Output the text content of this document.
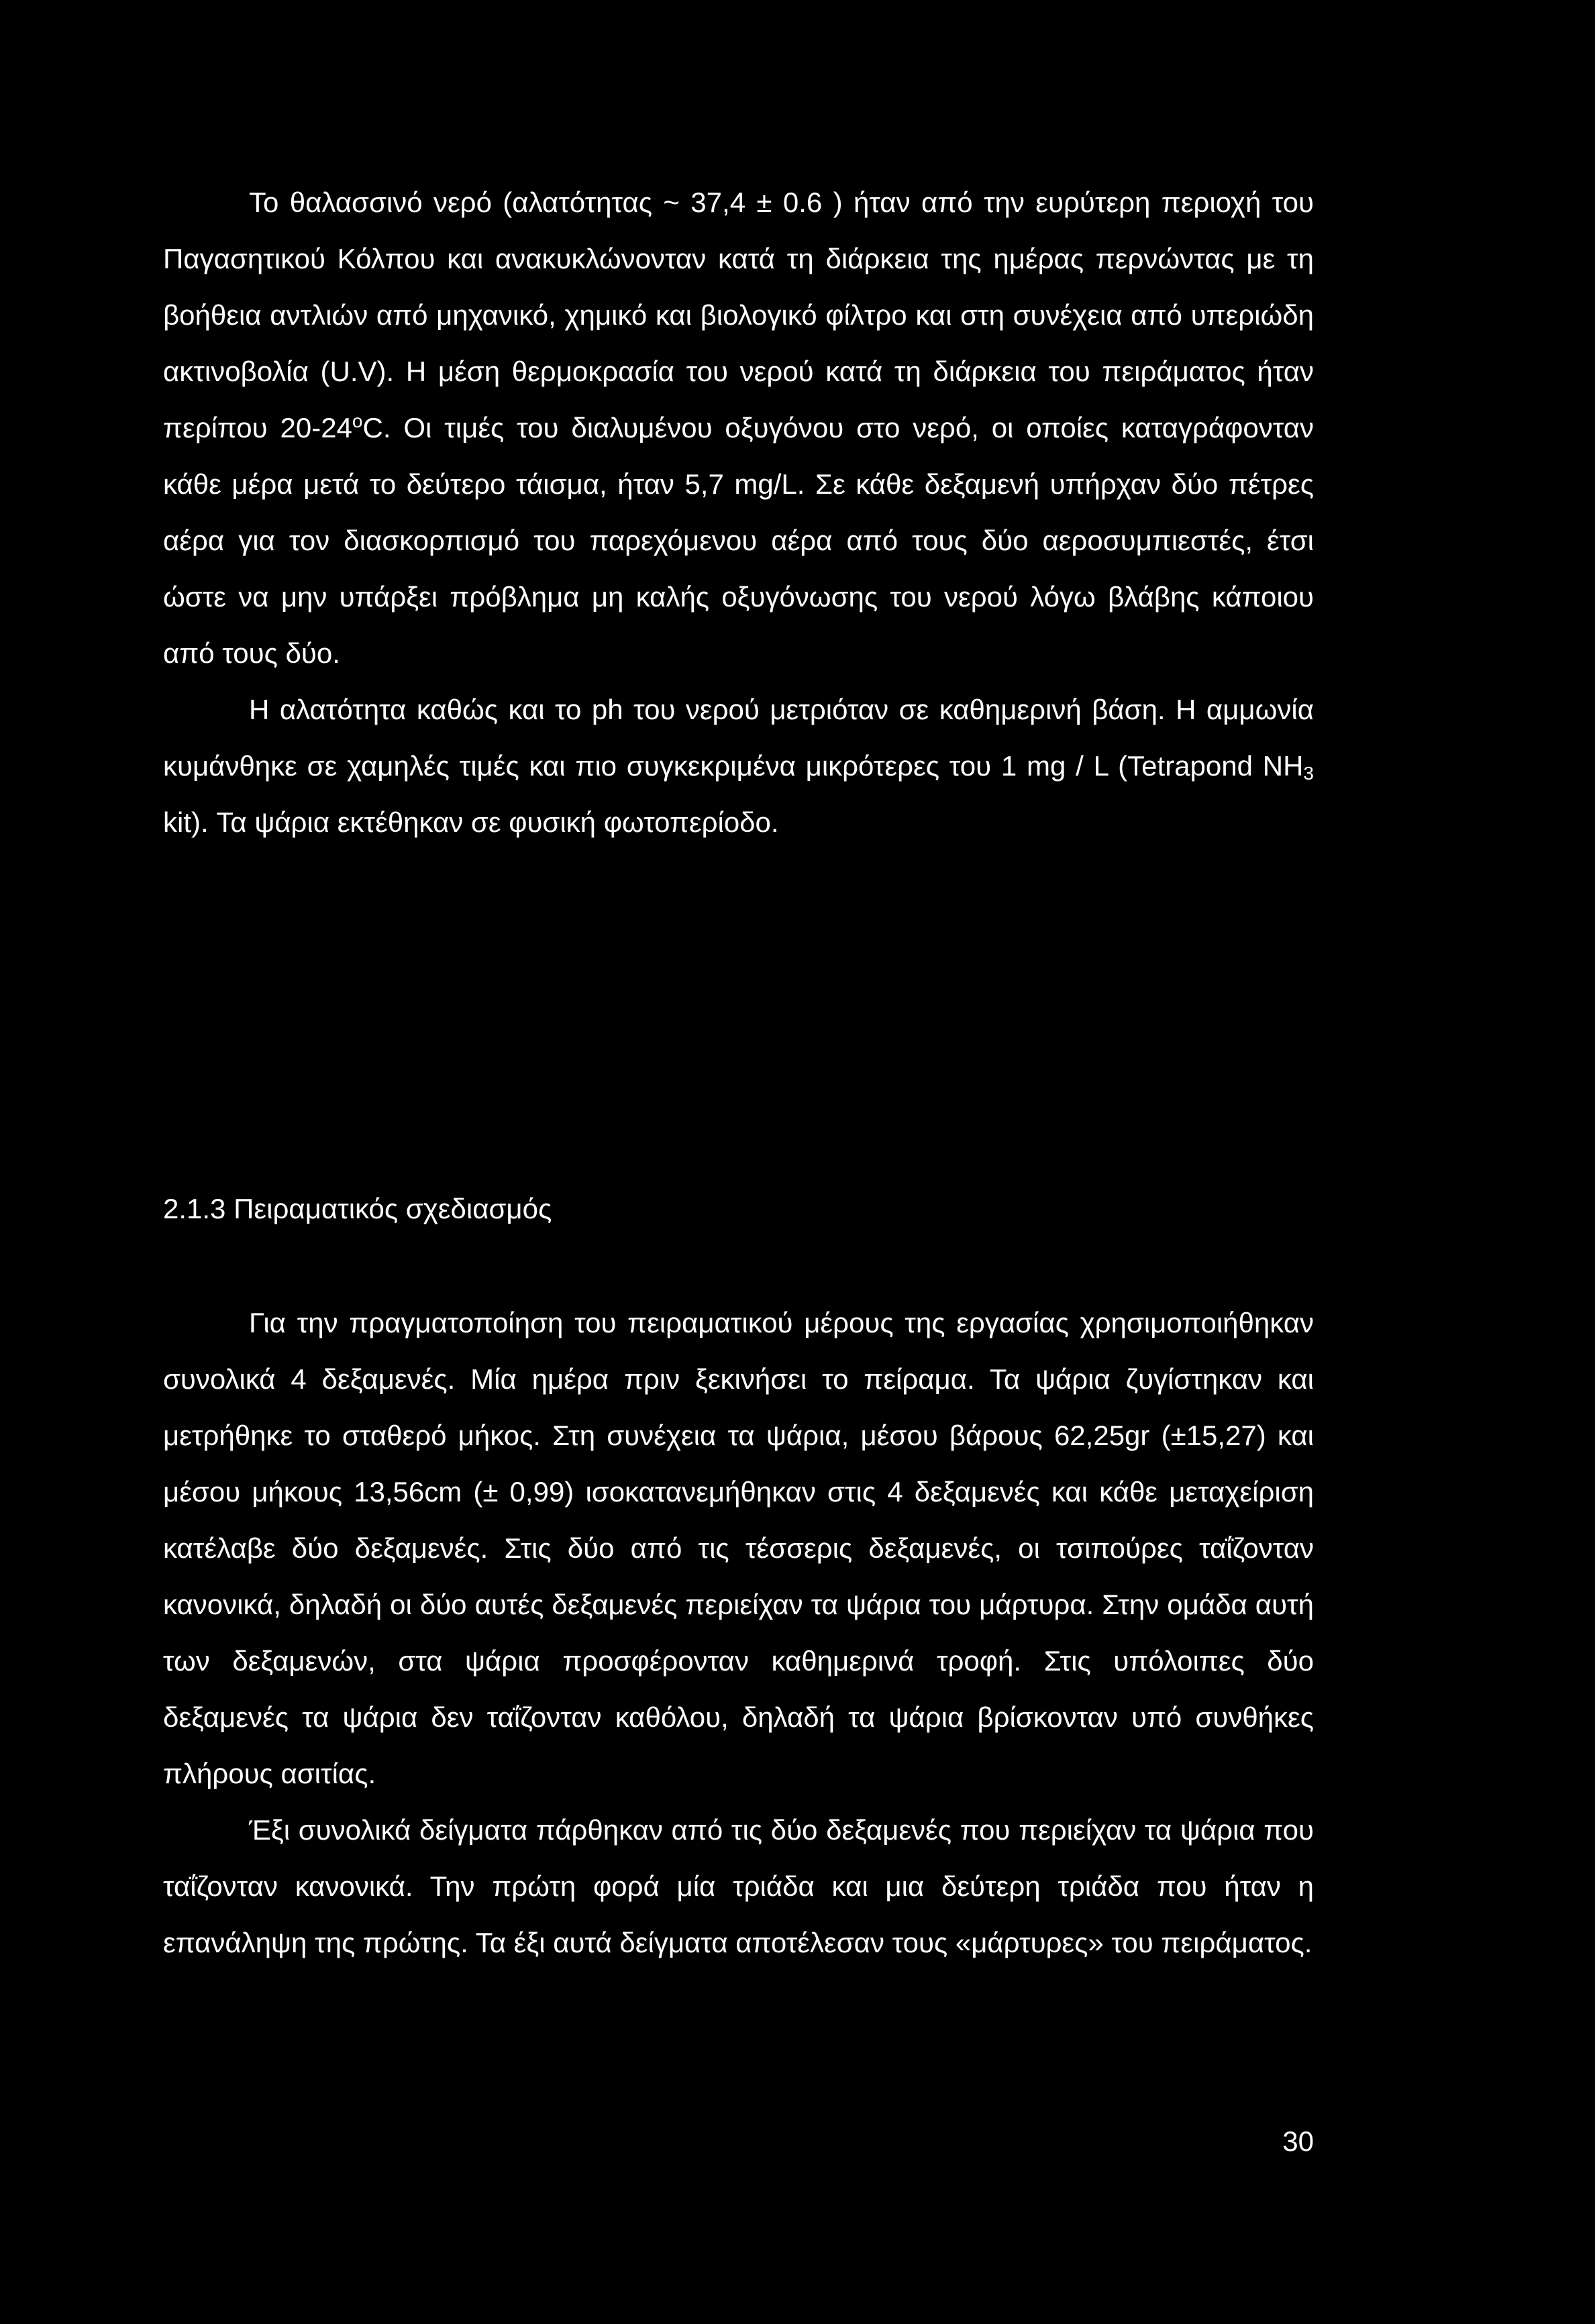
Το θαλασσινό νερό (αλατότητας ~ 37,4 ± 0.6 ) ήταν από την ευρύτερη περιοχή του Παγασητικού Κόλπου και ανακυκλώνονταν κατά τη διάρκεια της ημέρας περνώντας με τη βοήθεια αντλιών από μηχανικό, χημικό και βιολογικό φίλτρο και στη συνέχεια από υπεριώδη ακτινοβολία (U.V). Η μέση θερμοκρασία του νερού κατά τη διάρκεια του πειράματος ήταν περίπου $20-24^oC$. Οι τιμές του διαλυμένου οξυγόνου στο νερό, οι οποίες καταγράφονταν κάθε μέρα μετά το δεύτερο τάισμα, ήταν 5,7 mg/L. Σε κάθε δεξαμενή υπήρχαν δύο πέτρες αέρα για τον διασκορπισμό του παρεχόμενου αέρα από τους δύο αεροσυμπιεστές, έτσι ώστε να μην υπάρξει πρόβλημα μη καλής οξυγόνωσης του νερού λόγω βλάβης κάποιου από τους δύο.

Η αλατότητα καθώς και το ph του νερού μετριόταν σε καθημερινή βάση. Η αμμωνία κυμάνθηκε σε χαμηλές τιμές και πιο συγκεκριμένα μικρότερες του 1 mg / L (Tetrapond $NH_3$ kit). Τα ψάρια εκτέθηκαν σε φυσική φωτοπερίοδο.

2.1.3 Πειραματικός σχεδιασμός

Για την πραγματοποίηση του πειραματικού μέρους της εργασίας χρησιμοποιήθηκαν συνολικά 4 δεξαμενές. Μία ημέρα πριν ξεκινήσει το πείραμα. Τα ψάρια ζυγίστηκαν και μετρήθηκε το σταθερό μήκος. Στη συνέχεια τα ψάρια, μέσου βάρους 62,25gr (±15,27) και μέσου μήκους 13,56cm (± 0,99) ισοκατανεμήθηκαν στις 4 δεξαμενές και κάθε μεταχείριση κατέλαβε δύο δεξαμενές. Στις δύο από τις τέσσερις δεξαμενές, οι τσιπούρες ταΐζονταν κανονικά, δηλαδή οι δύο αυτές δεξαμενές περιείχαν τα ψάρια του μάρτυρα. Στην ομάδα αυτή των δεξαμενών, στα ψάρια προσφέρονταν καθημερινά τροφή. Στις υπόλοιπες δύο δεξαμενές τα ψάρια δεν ταΐζονταν καθόλου, δηλαδή τα ψάρια βρίσκονταν υπό συνθήκες πλήρους ασιτίας.

Έξι συνολικά δείγματα πάρθηκαν από τις δύο δεξαμενές που περιείχαν τα ψάρια που ταΐζονταν κανονικά. Την πρώτη φορά μία τριάδα και μια δεύτερη τριάδα που ήταν η επανάληψη της πρώτης. Τα έξι αυτά δείγματα αποτέλεσαν τους «μάρτυρες» του πειράματος.

30
